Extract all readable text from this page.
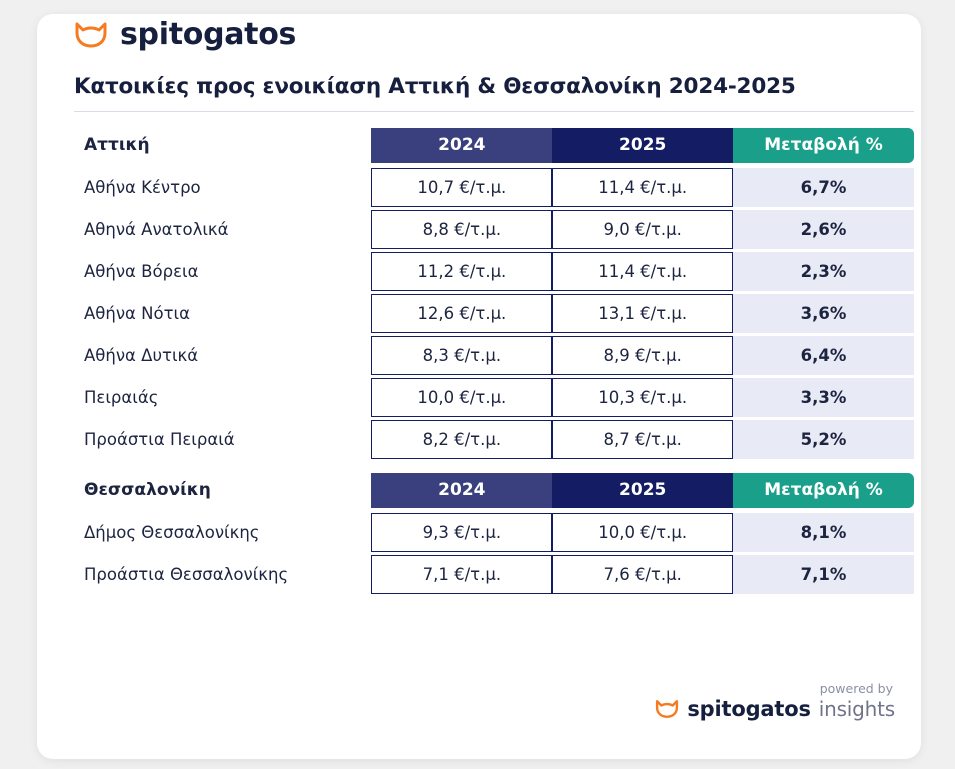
spitogatos
Κατοικίες προς ενοικίαση Αττική & Θεσσαλονίκη 2024-2025
Αττική	2024	2025	Μεταβολή %

Αθήνα Κέντρο	10,7 €/τ.μ.	11,4 €/τ.μ.	6,7%

Αθηνά Ανατολικά	8,8 €/τ.μ.	9,0 €/τ.μ.	2,6%

Αθήνα Βόρεια	11,2 €/τ.μ.	11,4 €/τ.μ.	2,3%

Αθήνα Νότια	12,6 €/τ.μ.	13,1 €/τ.μ.	3,6%

Αθήνα Δυτικά	8,3 €/τ.μ.	8,9 €/τ.μ.	6,4%

Πειραιάς	10,0 €/τ.μ.	10,3 €/τ.μ.	3,3%

Προάστια Πειραιά	8,2 €/τ.μ.	8,7 €/τ.μ.	5,2%

Θεσσαλονίκη	2024	2025	Μεταβολή %

Δήμος Θεσσαλονίκης	9,3 €/τ.μ.	10,0 €/τ.μ.	8,1%

Προάστια Θεσσαλονίκης	7,1 €/τ.μ.	7,6 €/τ.μ.	7,1%
powered by
spitogatos insights
